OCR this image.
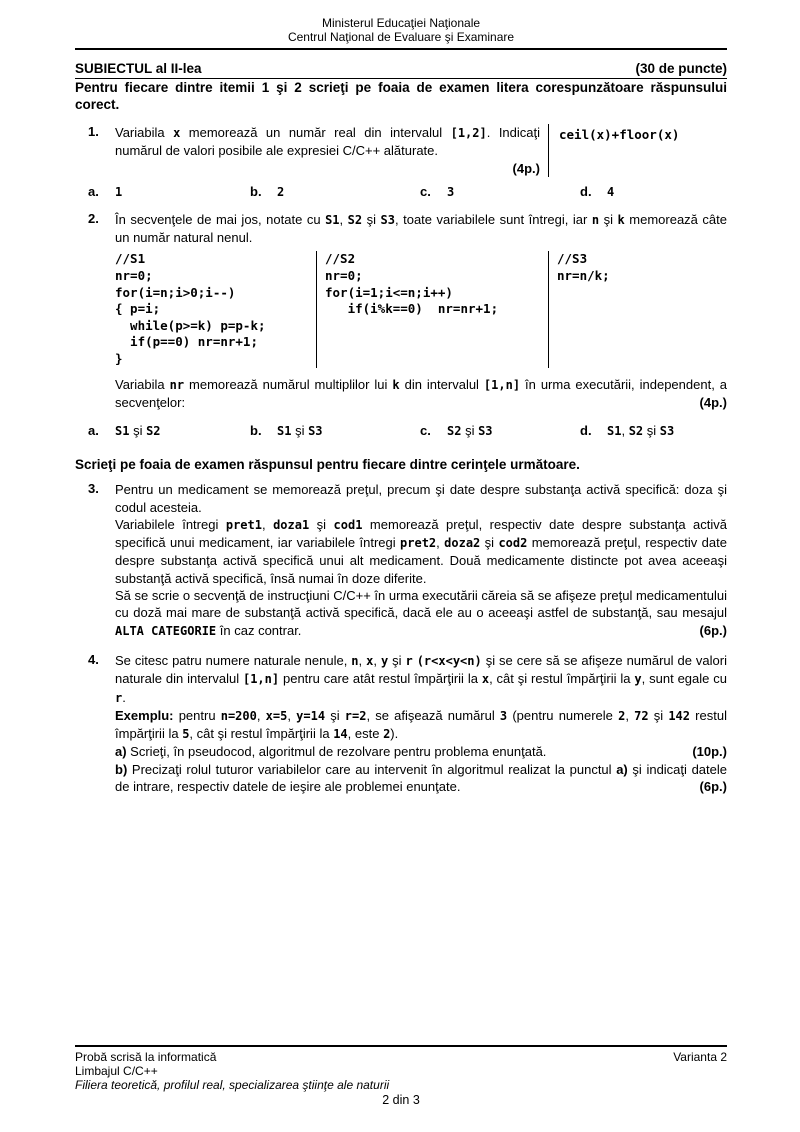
Ministerul Educaţiei Naţionale
Centrul Naţional de Evaluare şi Examinare
SUBIECTUL al II-lea	(30 de puncte)
Pentru fiecare dintre itemii 1 şi 2 scrieţi pe foaia de examen litera corespunzătoare răspunsului corect.
1.	Variabila x memorează un număr real din intervalul [1,2]. Indicaţi numărul de valori posibile ale expresiei C/C++ alăturate.
(4p.)
ceil(x)+floor(x)
a. 1	b. 2	c. 3	d. 4
2.	În secvenţele de mai jos, notate cu S1, S2 şi S3, toate variabilele sunt întregi, iar n şi k memorează câte un număr natural nenul.
//S1
nr=0;
for(i=n;i>0;i--)
{ p=i;
while(p>=k) p=p-k;
if(p==0) nr=nr+1;
}
//S2
nr=0;
for(i=1;i<=n;i++)
if(i%k==0)  nr=nr+1;
//S3
nr=n/k;
Variabila nr memorează numărul multiplilor lui k din intervalul [1,n] în urma executării, independent, a secvenţelor:	(4p.)
a. S1 şi S2	b. S1 şi S3	c. S2 şi S3	d. S1, S2 şi S3
Scrieţi pe foaia de examen răspunsul pentru fiecare dintre cerinţele următoare.
3.	Pentru un medicament se memorează preţul, precum şi date despre substanţa activă specifică: doza şi codul acesteia.
Variabilele întregi pret1, doza1 şi cod1 memorează preţul, respectiv date despre substanţa activă specifică unui medicament, iar variabilele întregi pret2, doza2 şi cod2 memorează preţul, respectiv date despre substanţa activă specifică unui alt medicament. Două medicamente distincte pot avea aceeaşi substanţă activă specifică, însă numai în doze diferite.
Să se scrie o secvenţă de instrucţiuni C/C++ în urma executării căreia să se afişeze preţul medicamentului cu doză mai mare de substanţă activă specifică, dacă ele au o aceeaşi astfel de substanţă, sau mesajul ALTA CATEGORIE în caz contrar.	(6p.)
4.	Se citesc patru numere naturale nenule, n, x, y şi r (r<x<y<n) şi se cere să se afişeze numărul de valori naturale din intervalul [1,n] pentru care atât restul împărţirii la x, cât şi restul împărţirii la y, sunt egale cu r.
Exemplu: pentru n=200, x=5, y=14 şi r=2, se afişează numărul 3 (pentru numerele 2, 72 şi 142 restul împărţirii la 5, cât şi restul împărţirii la 14, este 2).
a) Scrieţi, în pseudocod, algoritmul de rezolvare pentru problema enunţată.	(10p.)
b) Precizaţi rolul tuturor variabilelor care au intervenit în algoritmul realizat la punctul a) şi indicaţi datele de intrare, respectiv datele de ieşire ale problemei enunţate.	(6p.)
Probă scrisă la informatică	Varianta 2
Limbajul C/C++
Filiera teoretică, profilul real, specializarea ştiinţe ale naturii
2 din 3
